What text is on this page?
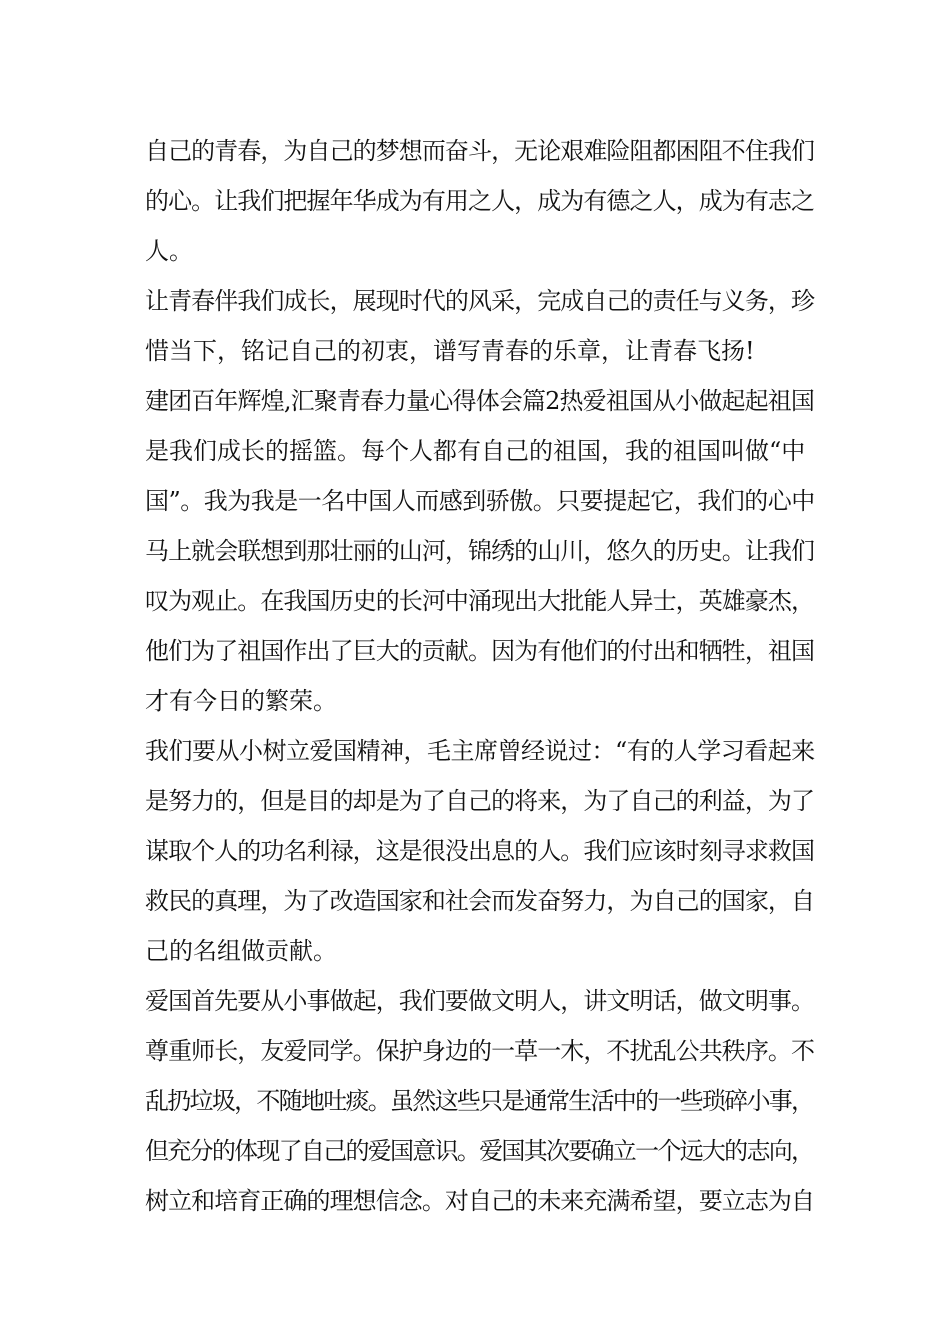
自己的青春，为自己的梦想而奋斗，无论艰难险阻都困阻不住我们
的心。让我们把握年华成为有用之人，成为有德之人，成为有志之
人。
让青春伴我们成长，展现时代的风采，完成自己的责任与义务，珍
惜当下，铭记自己的初衷，谱写青春的乐章，让青春飞扬!
建团百年辉煌,汇聚青春力量心得体会篇2热爱祖国从小做起起祖国
是我们成长的摇篮。每个人都有自己的祖国，我的祖国叫做“中
国”。我为我是一名中国人而感到骄傲。只要提起它，我们的心中
马上就会联想到那壮丽的山河，锦绣的山川，悠久的历史。让我们
叹为观止。在我国历史的长河中涌现出大批能人异士，英雄豪杰，
他们为了祖国作出了巨大的贡献。因为有他们的付出和牺牲，祖国
才有今日的繁荣。
我们要从小树立爱国精神，毛主席曾经说过：“有的人学习看起来
是努力的，但是目的却是为了自己的将来，为了自己的利益，为了
谋取个人的功名利禄，这是很没出息的人。我们应该时刻寻求救国
救民的真理，为了改造国家和社会而发奋努力，为自己的国家，自
己的名组做贡献。
爱国首先要从小事做起，我们要做文明人，讲文明话，做文明事。
尊重师长，友爱同学。保护身边的一草一木，不扰乱公共秩序。不
乱扔垃圾，不随地吐痰。虽然这些只是通常生活中的一些琐碎小事，
但充分的体现了自己的爱国意识。爱国其次要确立一个远大的志向，
树立和培育正确的理想信念。对自己的未来充满希望，要立志为自
